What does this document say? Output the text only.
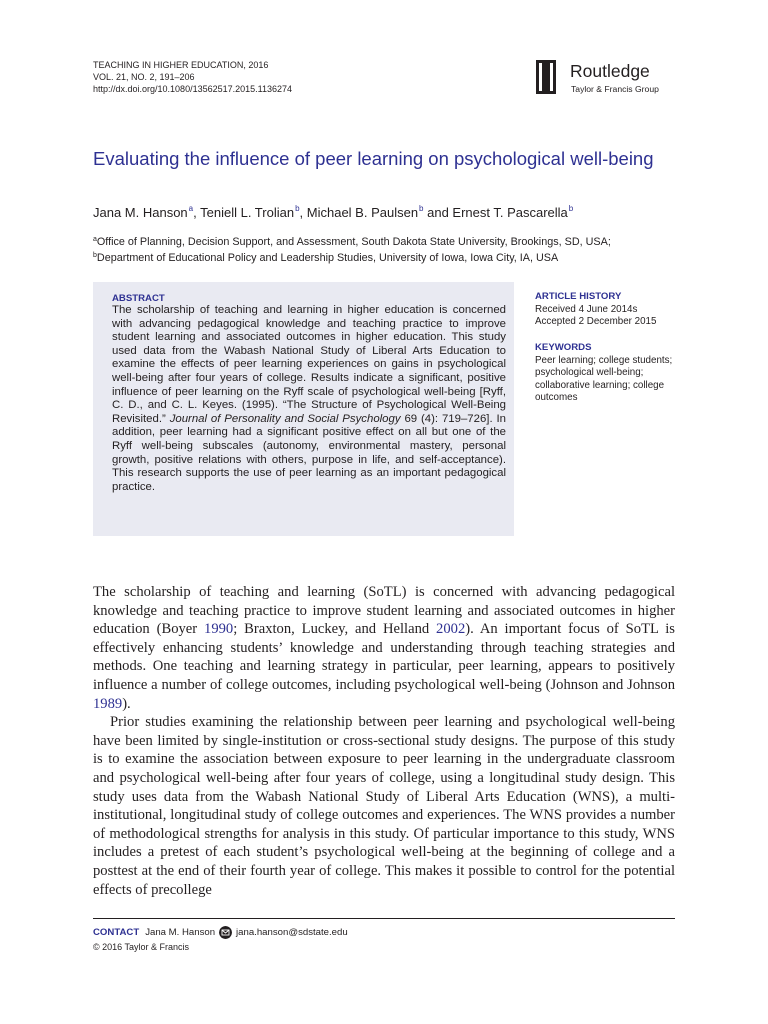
TEACHING IN HIGHER EDUCATION, 2016
VOL. 21, NO. 2, 191–206
http://dx.doi.org/10.1080/13562517.2015.1136274
Routledge
Taylor & Francis Group
Evaluating the influence of peer learning on psychological well-being
Jana M. Hanson$^a$, Teniell L. Trolian$^b$, Michael B. Paulsen$^b$ and Ernest T. Pascarella$^b$
$^a$Office of Planning, Decision Support, and Assessment, South Dakota State University, Brookings, SD, USA;
$^b$Department of Educational Policy and Leadership Studies, University of Iowa, Iowa City, IA, USA
ABSTRACT
The scholarship of teaching and learning in higher education is concerned with advancing pedagogical knowledge and teaching practice to improve student learning and associated outcomes in higher education. This study used data from the Wabash National Study of Liberal Arts Education to examine the effects of peer learning experiences on gains in psychological well-being after four years of college. Results indicate a significant, positive influence of peer learning on the Ryff scale of psychological well-being [Ryff, C. D., and C. L. Keyes. (1995). “The Structure of Psychological Well-Being Revisited.” Journal of Personality and Social Psychology 69 (4): 719–726]. In addition, peer learning had a significant positive effect on all but one of the Ryff well-being subscales (autonomy, environmental mastery, personal growth, positive relations with others, purpose in life, and self-acceptance). This research supports the use of peer learning as an important pedagogical practice.
ARTICLE HISTORY
Received 4 June 2014s
Accepted 2 December 2015
KEYWORDS
Peer learning; college students; psychological well-being; collaborative learning; college outcomes

The scholarship of teaching and learning (SoTL) is concerned with advancing pedagogical knowledge and teaching practice to improve student learning and associated outcomes in higher education (Boyer 1990; Braxton, Luckey, and Helland 2002). An important focus of SoTL is effectively enhancing students’ knowledge and understanding through teaching strategies and methods. One teaching and learning strategy in particular, peer learning, appears to positively influence a number of college outcomes, including psychological well-being (Johnson and Johnson 1989).

Prior studies examining the relationship between peer learning and psychological well-being have been limited by single-institution or cross-sectional study designs. The purpose of this study is to examine the association between exposure to peer learning in the undergraduate classroom and psychological well-being after four years of college, using a longitudinal study design. This study uses data from the Wabash National Study of Liberal Arts Education (WNS), a multi-institutional, longitudinal study of college outcomes and experiences. The WNS provides a number of methodological strengths for analysis in this study. Of particular importance to this study, WNS includes a pretest of each student’s psychological well-being at the beginning of college and a posttest at the end of their fourth year of college. This makes it possible to control for the potential effects of precollege

CONTACT Jana M. Hanson jana.hanson@sdstate.edu
© 2016 Taylor & Francis
